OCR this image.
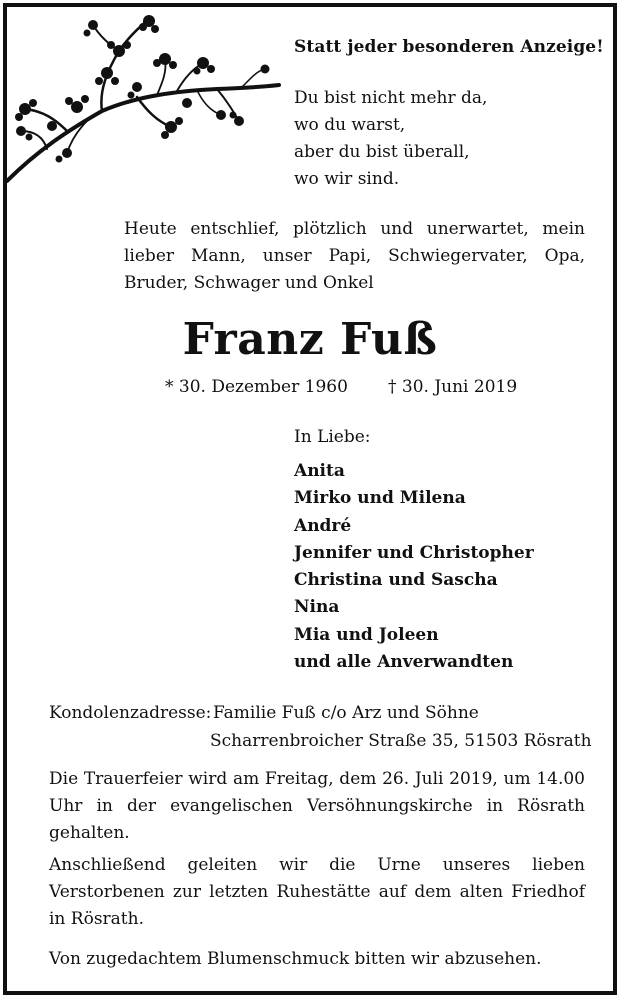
Statt jeder besonderen Anzeige!
Du bist nicht mehr da,
wo du warst,
aber du bist überall,
wo wir sind.
Heute entschlief, plötzlich und unerwartet, mein lieber Mann, unser Papi, Schwiegervater, Opa, Bruder, Schwager und Onkel
Franz Fuß
* 30. Dezember 1960 † 30. Juni 2019
In Liebe:
Anita
Mirko und Milena
André
Jennifer und Christopher
Christina und Sascha
Nina
Mia und Joleen
und alle Anverwandten
Kondolenzadresse: Familie Fuß c/o Arz und Söhne
Scharrenbroicher Straße 35, 51503 Rösrath
Die Trauerfeier wird am Freitag, dem 26. Juli 2019, um 14.00 Uhr in der evangelischen Versöhnungskirche in Rösrath gehalten.
Anschließend geleiten wir die Urne unseres lieben Verstorbenen zur letzten Ruhestätte auf dem alten Friedhof in Rösrath.
Von zugedachtem Blumenschmuck bitten wir abzusehen.
